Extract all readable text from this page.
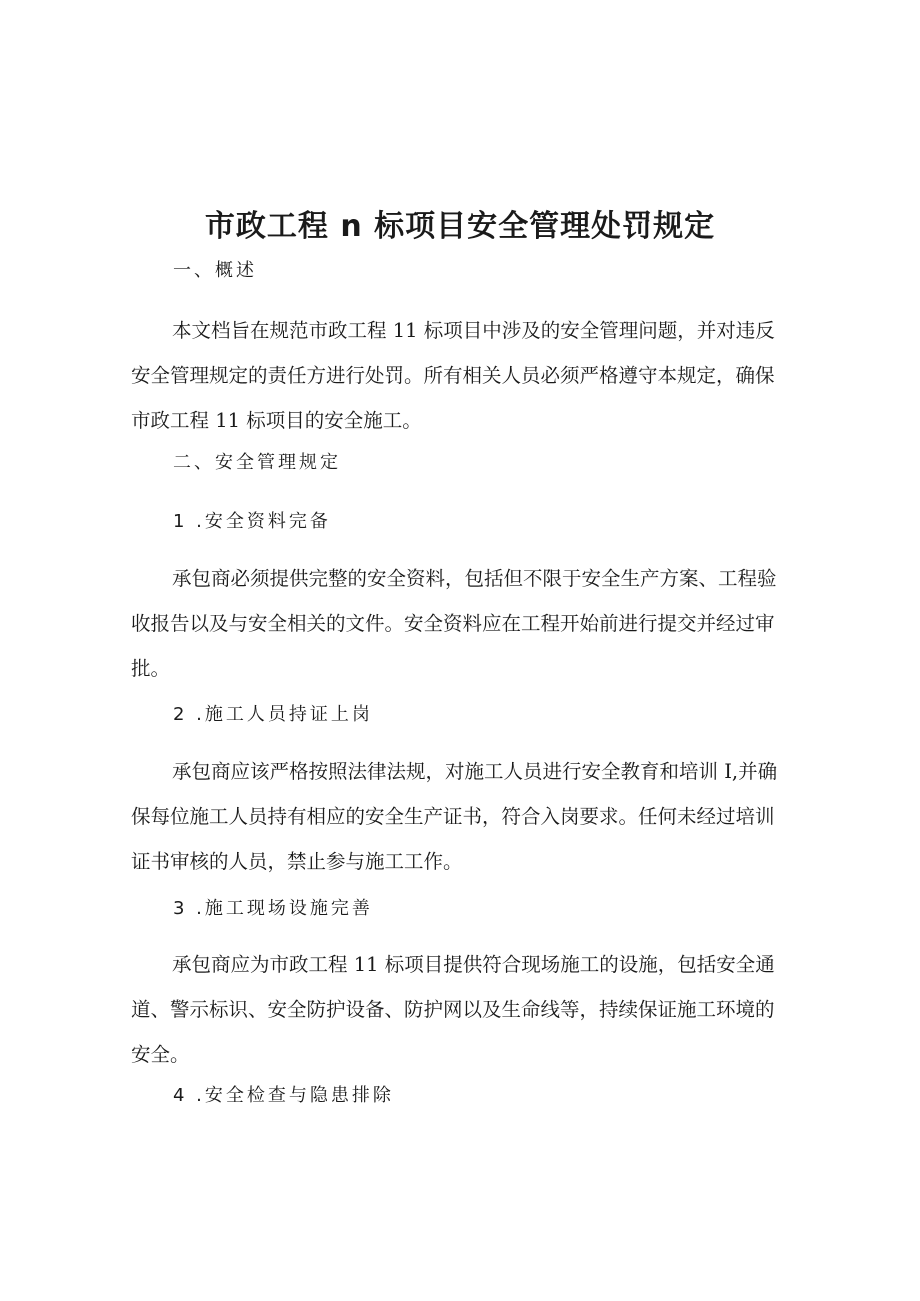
市政工程 n 标项目安全管理处罚规定

一、概述

本文档旨在规范市政工程 11 标项目中涉及的安全管理问题，并对违反安全管理规定的责任方进行处罚。所有相关人员必须严格遵守本规定，确保市政工程 11 标项目的安全施工。

二、安全管理规定

1 .安全资料完备

承包商必须提供完整的安全资料，包括但不限于安全生产方案、工程验收报告以及与安全相关的文件。安全资料应在工程开始前进行提交并经过审批。

2 .施工人员持证上岗

承包商应该严格按照法律法规，对施工人员进行安全教育和培训 I,并确保每位施工人员持有相应的安全生产证书，符合入岗要求。任何未经过培训证书审核的人员，禁止参与施工工作。

3 .施工现场设施完善

承包商应为市政工程 11 标项目提供符合现场施工的设施，包括安全通道、警示标识、安全防护设备、防护网以及生命线等，持续保证施工环境的安全。

4 .安全检查与隐患排除
